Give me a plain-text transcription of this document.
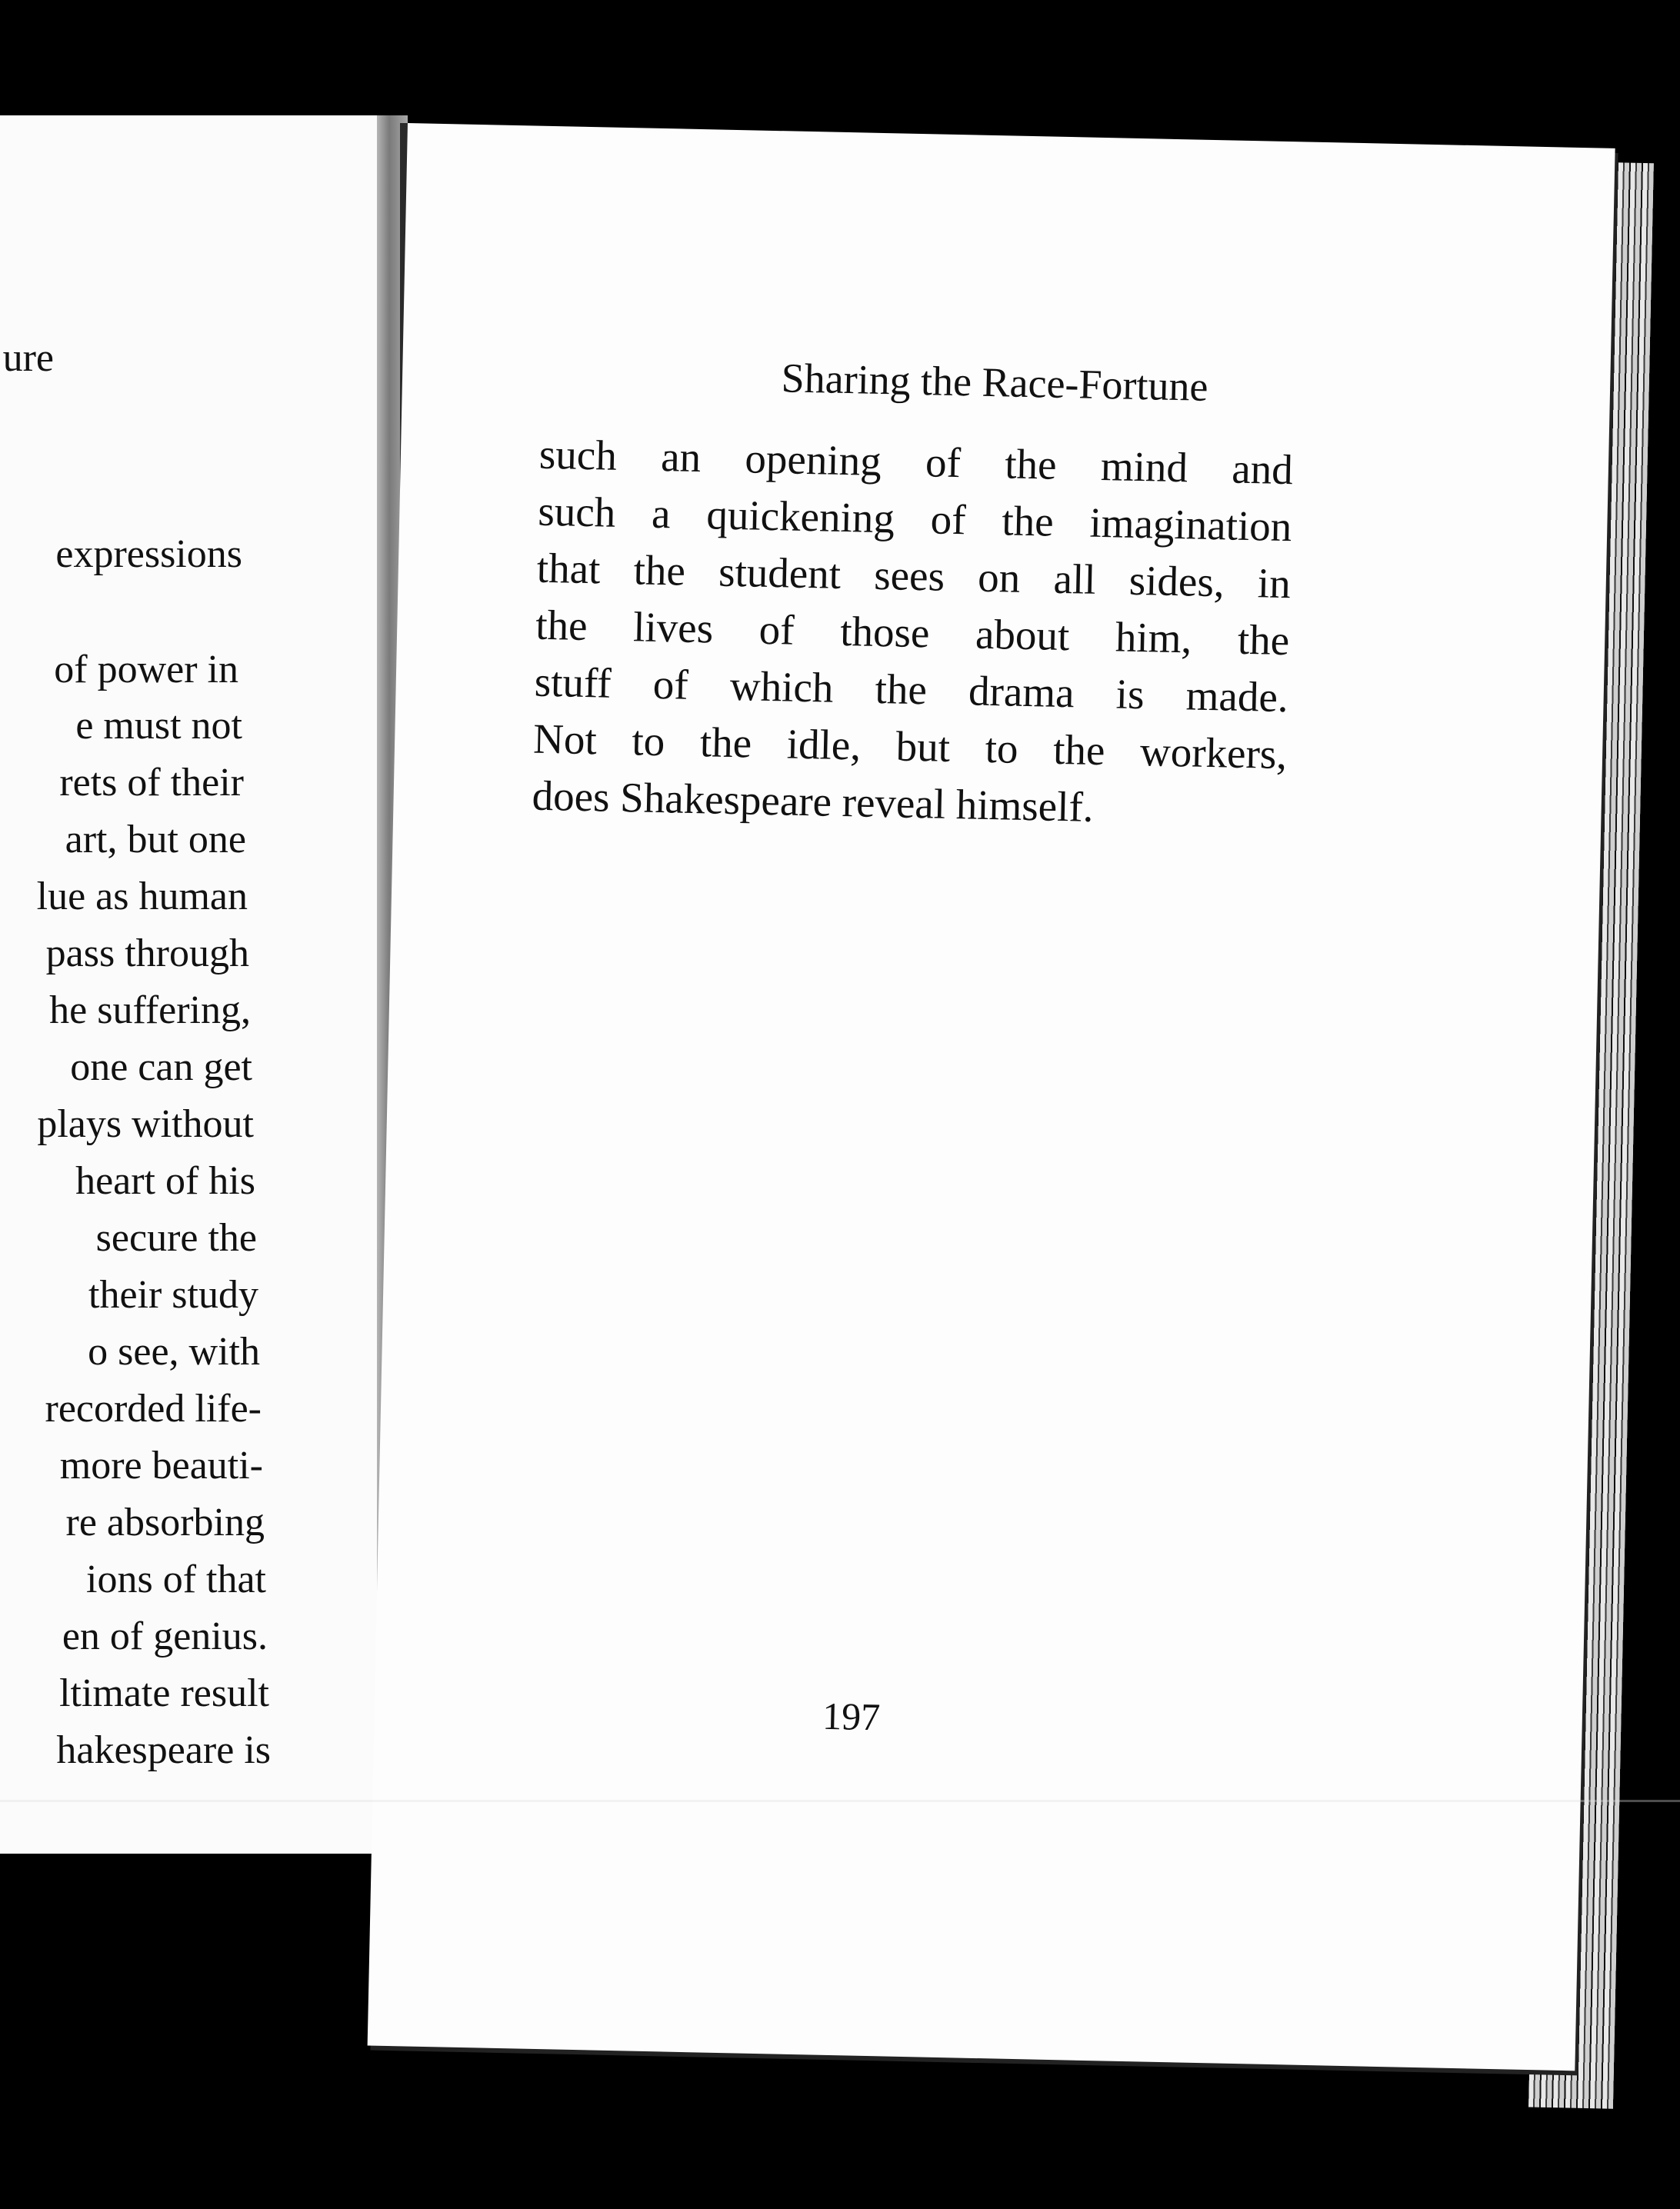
ure
expressions
of power in
e must not
rets of their
art, but one
lue as human
pass through
he suffering,
one can get
plays without
heart of his
secure the
their study
o see, with
recorded life-
more beauti-
re absorbing
ions of that
en of genius.
ltimate result
hakespeare is
Sharing the Race-Fortune
such an opening of the mind and
such a quickening of the imagination
that the student sees on all sides, in
the lives of those about him, the
stuff of which the drama is made.
Not to the idle, but to the workers,
does Shakespeare reveal himself.
197
